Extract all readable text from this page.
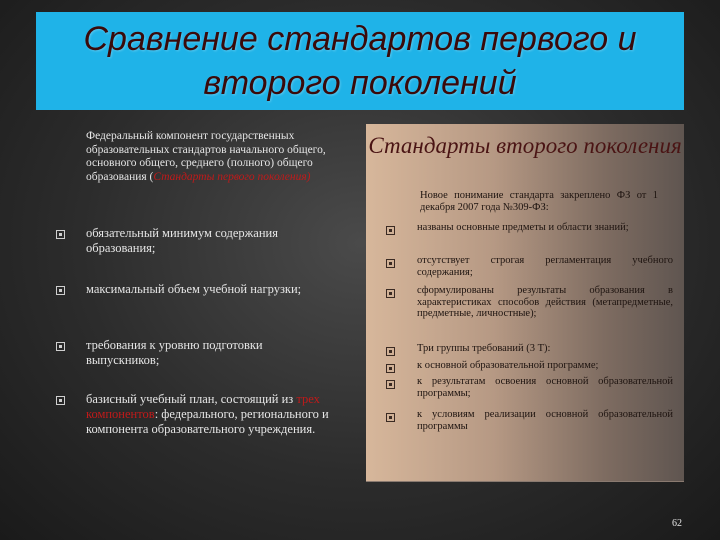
Сравнение стандартов первого и
второго поколений
Федеральный компонент государственных образовательных стандартов начального общего, основного общего, среднего (полного) общего образования (Стандарты первого поколения)
обязательный минимум содержания образования;
максимальный объем учебной нагрузки;
требования к уровню подготовки выпускников;
базисный учебный план, состоящий из трех компонентов: федерального, регионального и компонента образовательного учреждения.
Стандарты второго поколения
Новое понимание стандарта закреплено ФЗ от 1 декабря 2007 года №309-ФЗ:
названы основные предметы и области знаний;
отсутствует строгая регламентация учебного содержания;
сформулированы результаты образования в характеристиках способов действия (метапредметные, предметные, личностные);
Три группы требований (3 Т):
к основной образовательной программе;
к результатам освоения основной образовательной программы;
к условиям реализации основной образовательной программы
62
